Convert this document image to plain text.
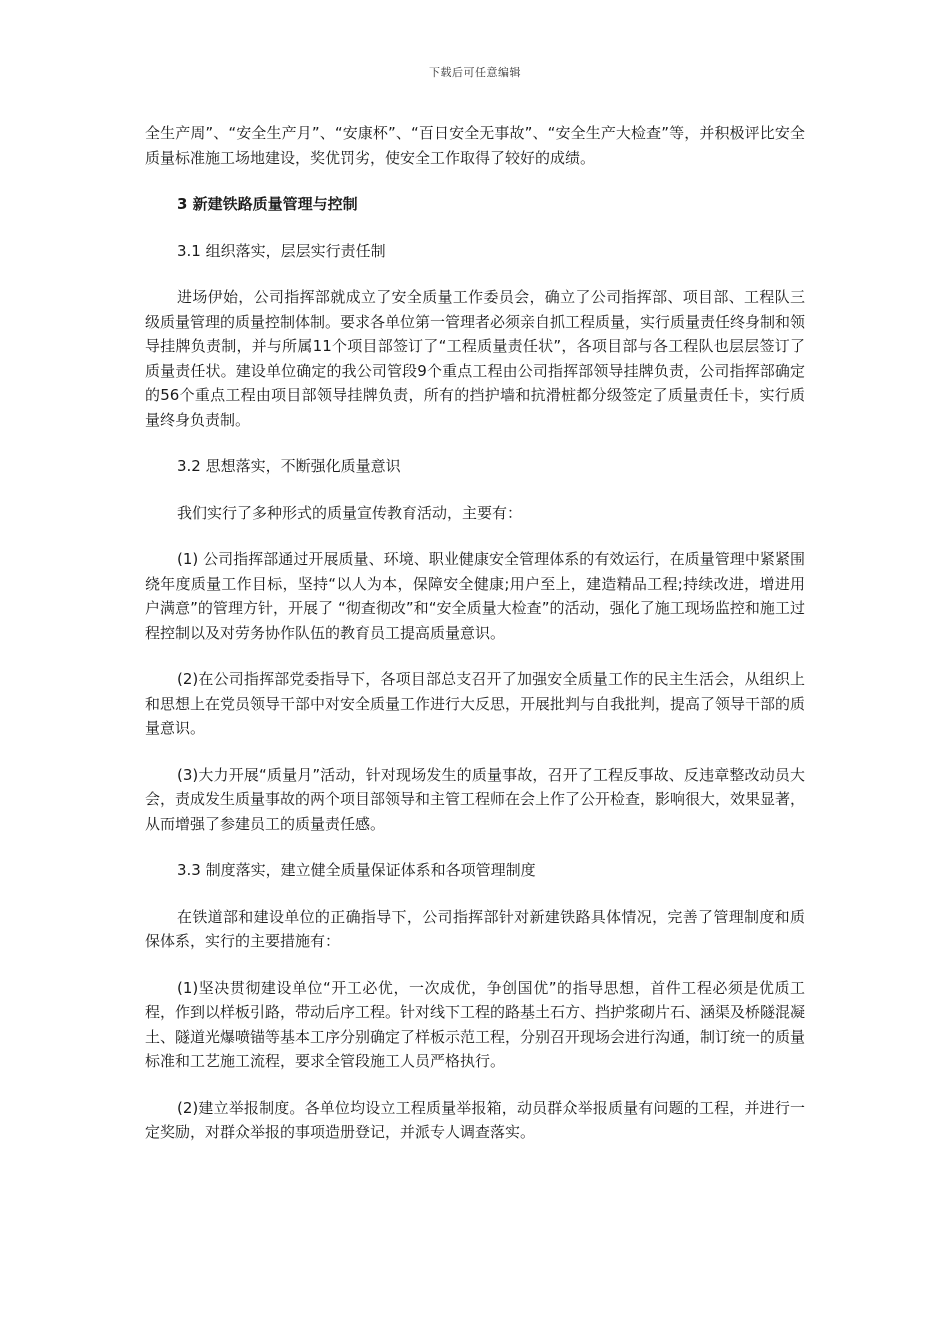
下载后可任意编辑

全生产周”、“安全生产月”、“安康杯”、“百日安全无事故”、“安全生产大检查”等，并积极评比安全质量标准施工场地建设，奖优罚劣，使安全工作取得了较好的成绩。

3 新建铁路质量管理与控制
3.1 组织落实，层层实行责任制

进场伊始，公司指挥部就成立了安全质量工作委员会，确立了公司指挥部、项目部、工程队三级质量管理的质量控制体制。要求各单位第一管理者必须亲自抓工程质量，实行质量责任终身制和领导挂牌负责制，并与所属11个项目部签订了“工程质量责任状”，各项目部与各工程队也层层签订了质量责任状。建设单位确定的我公司管段9个重点工程由公司指挥部领导挂牌负责，公司指挥部确定的56个重点工程由项目部领导挂牌负责，所有的挡护墙和抗滑桩都分级签定了质量责任卡，实行质量终身负责制。

3.2 思想落实，不断强化质量意识

我们实行了多种形式的质量宣传教育活动，主要有：

(1) 公司指挥部通过开展质量、环境、职业健康安全管理体系的有效运行，在质量管理中紧紧围绕年度质量工作目标，坚持“以人为本，保障安全健康;用户至上，建造精品工程;持续改进，增进用户满意”的管理方针，开展了 “彻查彻改”和“安全质量大检查”的活动，强化了施工现场监控和施工过程控制以及对劳务协作队伍的教育员工提高质量意识。

(2)在公司指挥部党委指导下，各项目部总支召开了加强安全质量工作的民主生活会，从组织上和思想上在党员领导干部中对安全质量工作进行大反思，开展批判与自我批判，提高了领导干部的质量意识。

(3)大力开展“质量月”活动，针对现场发生的质量事故，召开了工程反事故、反违章整改动员大会，责成发生质量事故的两个项目部领导和主管工程师在会上作了公开检查，影响很大，效果显著，从而增强了参建员工的质量责任感。

3.3 制度落实，建立健全质量保证体系和各项管理制度

在铁道部和建设单位的正确指导下，公司指挥部针对新建铁路具体情况，完善了管理制度和质保体系，实行的主要措施有：

(1)坚决贯彻建设单位“开工必优，一次成优，争创国优”的指导思想，首件工程必须是优质工程，作到以样板引路，带动后序工程。针对线下工程的路基土石方、挡护浆砌片石、涵渠及桥隧混凝土、隧道光爆喷锚等基本工序分别确定了样板示范工程，分别召开现场会进行沟通，制订统一的质量标准和工艺施工流程，要求全管段施工人员严格执行。

(2)建立举报制度。各单位均设立工程质量举报箱，动员群众举报质量有问题的工程，并进行一定奖励，对群众举报的事项造册登记，并派专人调查落实。
